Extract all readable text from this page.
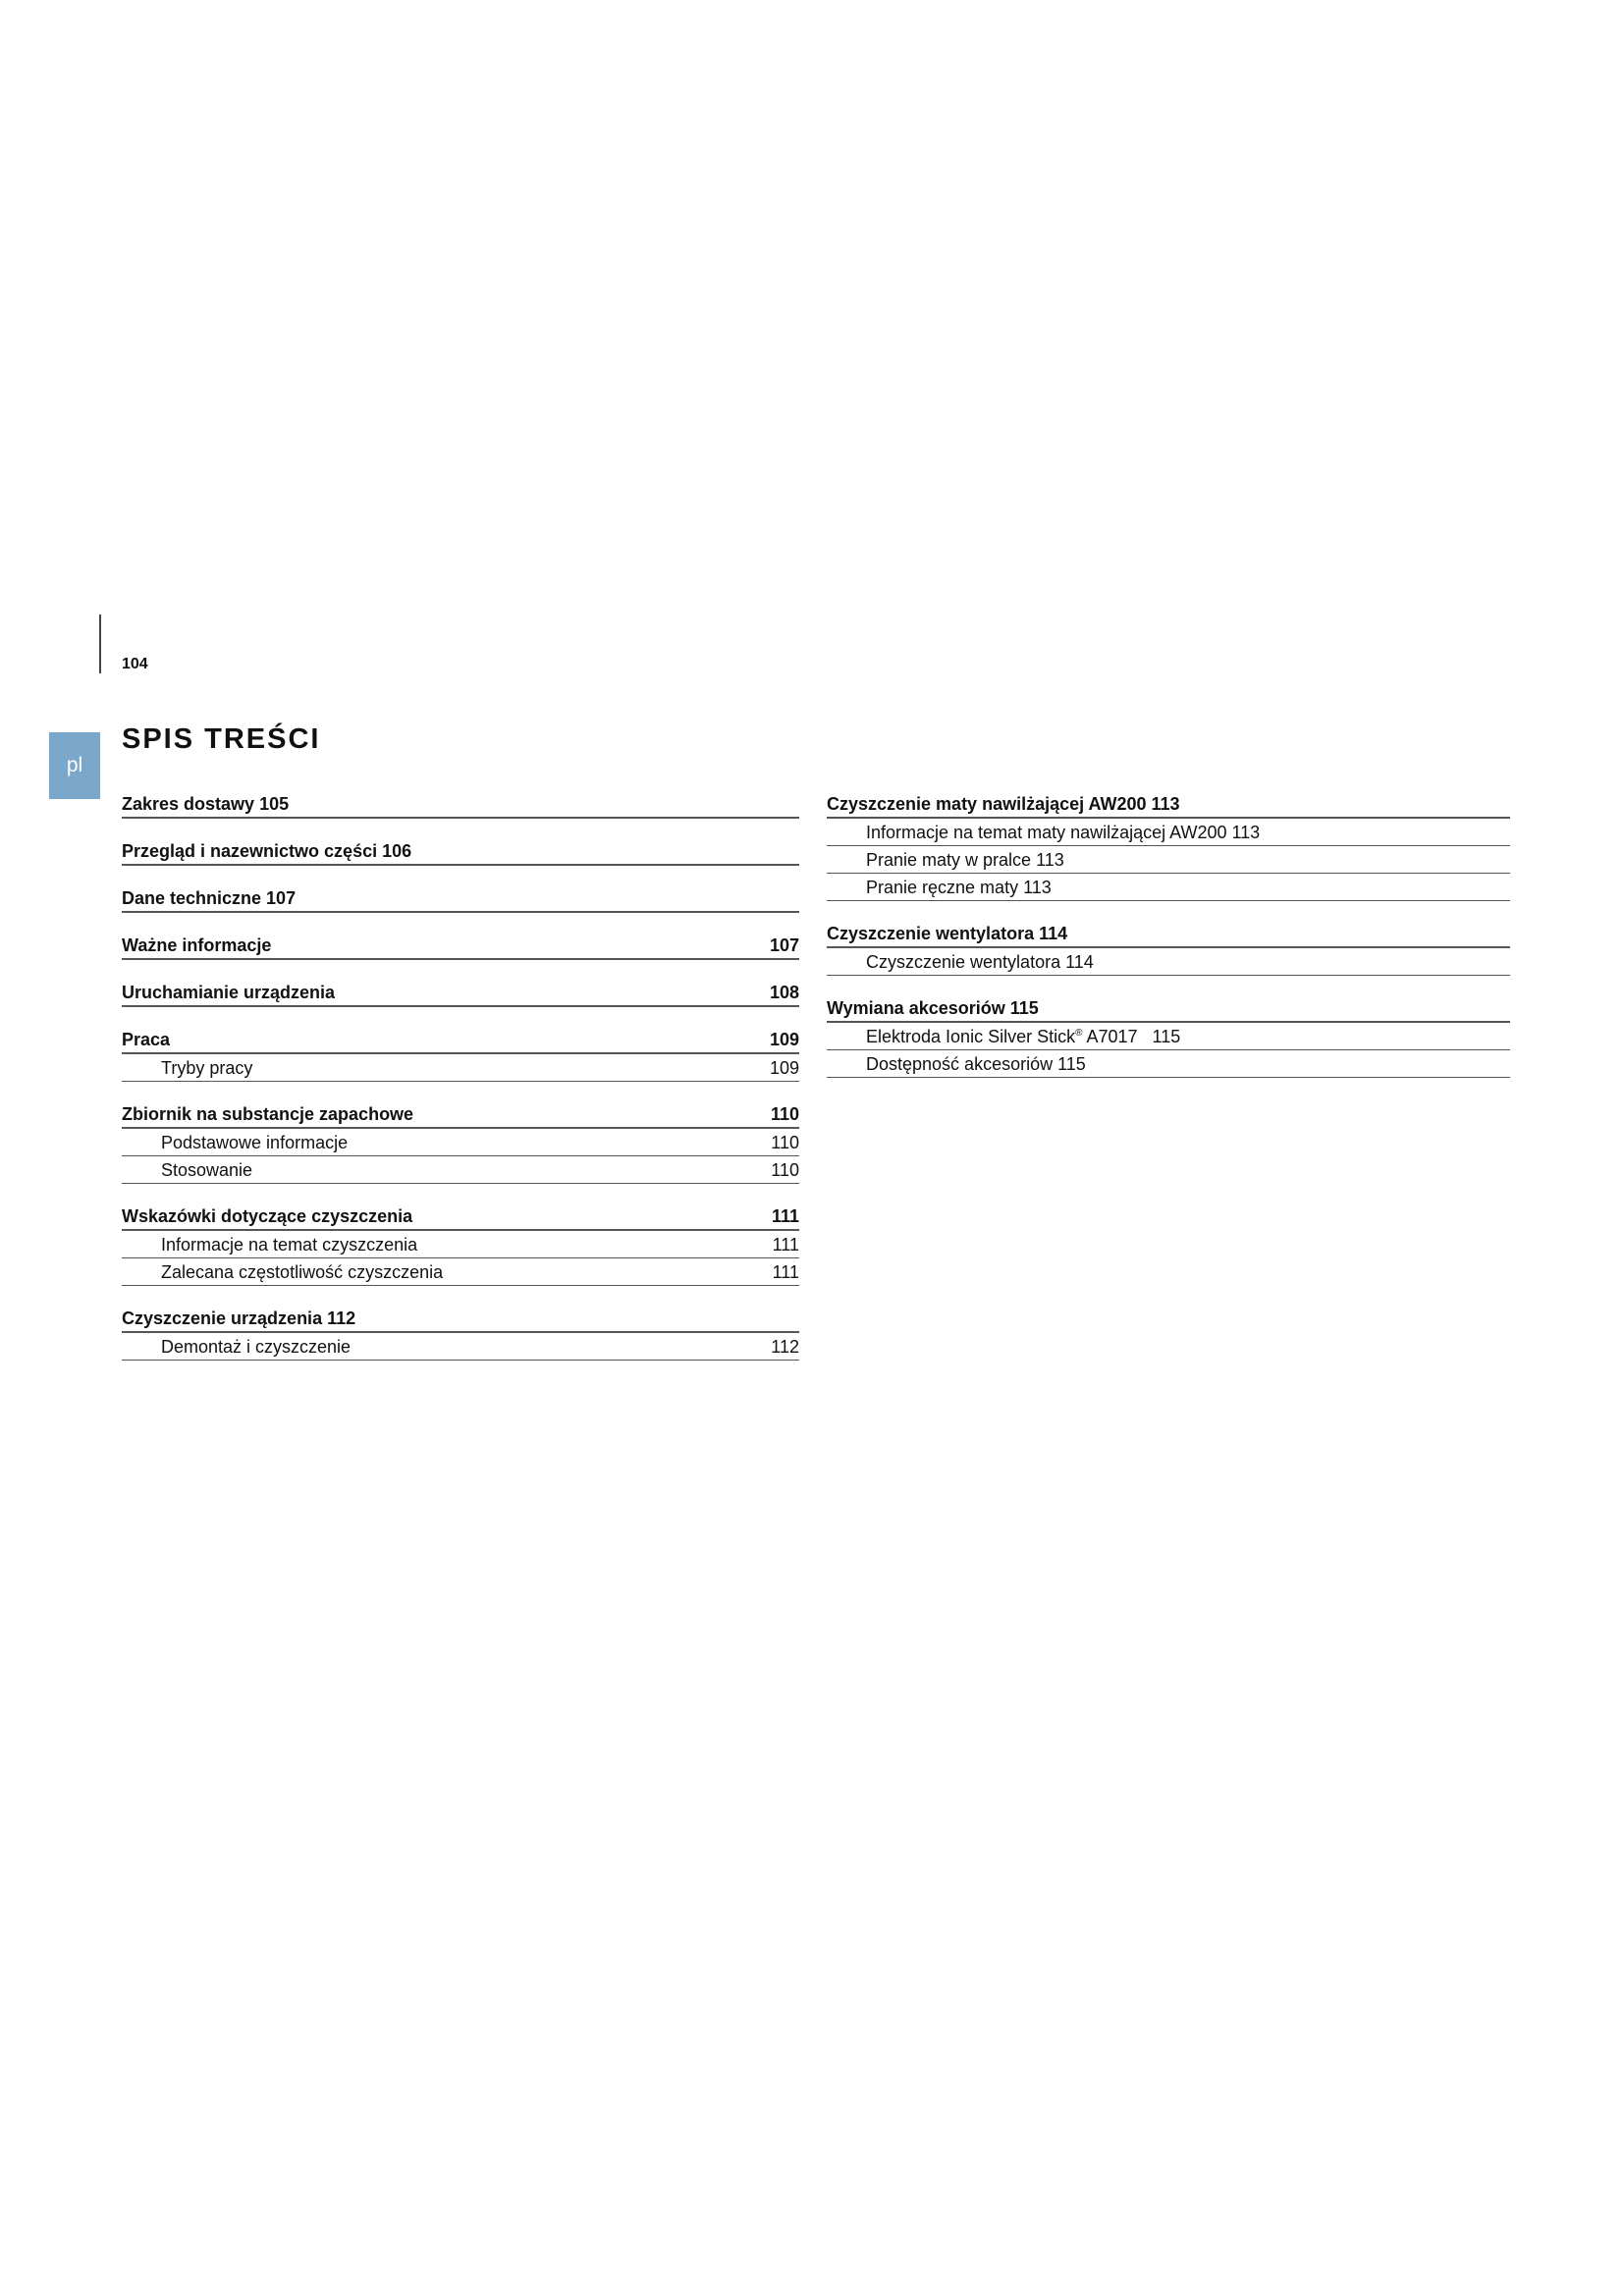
104
pl
SPIS TREŚCI
Zakres dostawy 105
Przegląd i nazewnictwo części 106
Dane techniczne 107
Ważne informacje	107
Uruchamianie urządzenia	108
Praca	109
Tryby pracy	109
Zbiornik na substancje zapachowe	110
Podstawowe informacje	110
Stosowanie	110
Wskazówki dotyczące czyszczenia	111
Informacje na temat czyszczenia	111
Zalecana częstotliwość czyszczenia	111
Czyszczenie urządzenia 112
Demontaż i czyszczenie	112
Czyszczenie maty nawilżającej AW200 113
Informacje na temat maty nawilżającej AW200 113
Pranie maty w pralce 113
Pranie ręczne maty 113
Czyszczenie wentylatora 114
Czyszczenie wentylatora 114
Wymiana akcesoriów 115
Elektroda Ionic Silver Stick® A7017   115
Dostępność akcesoriów 115
